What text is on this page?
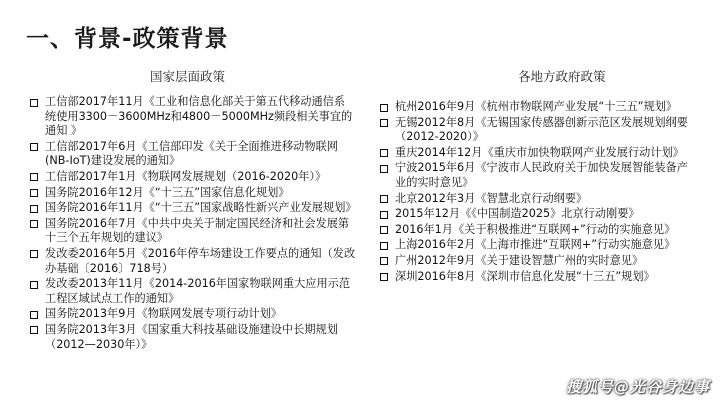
一、背景-政策背景
国家层面政策	各地方政府政策
工信部2017年11月《工业和信息化部关于第五代移动通信系统使用3300－3600MHz和4800－5000MHz频段相关事宜的通知 》
工信部2017年6月《工信部印发《关于全面推进移动物联网(NB-IoT)建设发展的通知》
工信部2017年1月《物联网发展规划（2016-2020年）》
国务院2016年12月《“十三五”国家信息化规划》
国务院2016年11月《“十三五”国家战略性新兴产业发展规划》
国务院2016年7月《中共中央关于制定国民经济和社会发展第十三个五年规划的建议》
发改委2016年5月《2016年停车场建设工作要点的通知（发改办基础〔2016〕718号）
发改委2013年11月《2014-2016年国家物联网重大应用示范工程区域试点工作的通知》
国务院2013年9月《物联网发展专项行动计划》
国务院2013年3月《国家重大科技基础设施建设中长期规划（2012—2030年）》
杭州2016年9月《杭州市物联网产业发展“十三五”规划》
无锡2012年8月《无锡国家传感器创新示范区发展规划纲要（2012-2020）》
重庆2014年12月《重庆市加快物联网产业发展行动计划》
宁波2015年6月《宁波市人民政府关于加快发展智能装备产业的实时意见》
北京2012年3月《智慧北京行动纲要》
2015年12月《《中国制造2025》北京行动刚要》
2016年1月《关于积极推进“互联网+”行动的实施意见》
上海2016年2月《上海市推进“互联网+”行动实施意见》
广州2012年9月《关于建设智慧广州的实时意见》
深圳2016年8月《深圳市信息化发展“十三五”规划》
搜狐号@光谷身边事
